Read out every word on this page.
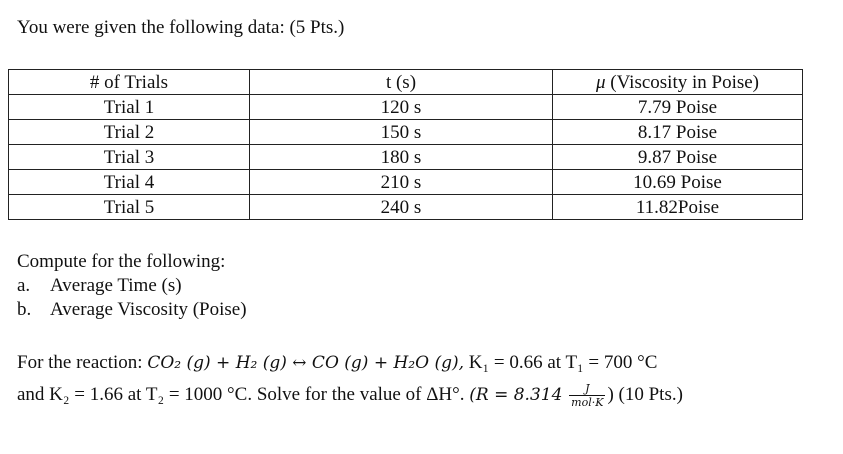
You were given the following data: (5 Pts.)
# of Trials	t (s)	μ (Viscosity in Poise)
Trial 1	120 s	7.79 Poise
Trial 2	150 s	8.17 Poise
Trial 3	180 s	9.87 Poise
Trial 4	210 s	10.69 Poise
Trial 5	240 s	11.82Poise
Compute for the following:
a. Average Time (s)
b. Average Viscosity (Poise)
For the reaction: CO₂ (g) + H₂ (g) ↔ CO (g) + H₂O (g), K₁ = 0.66 at T₁ = 700 °C
and K₂ = 1.66 at T₂ = 1000 °C. Solve for the value of ΔH°. ($R = 8.314 \frac{J}{\text{mol·K}}$ ) (10 Pts.)
